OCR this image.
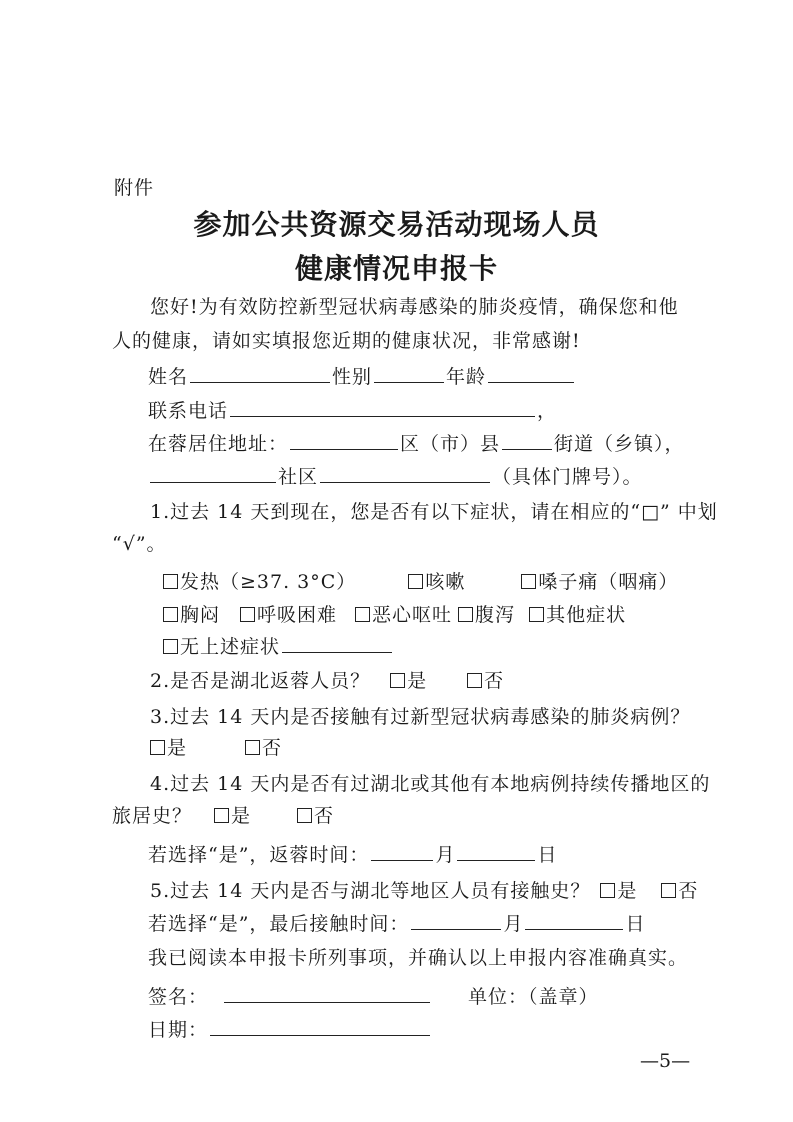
附件
参加公共资源交易活动现场人员
健康情况申报卡
您好!为有效防控新型冠状病毒感染的肺炎疫情，确保您和他
人的健康，请如实填报您近期的健康状况，非常感谢!
姓名	性别	年龄
联系电话	，
在蓉居住地址：	区（市）县	街道（乡镇），
社区	（具体门牌号）。
1.过去 14 天到现在，您是否有以下症状，请在相应的“□” 中划
“√”。
发热（≥37. 3°C）	咳嗽	嗓子痛（咽痛）
胸闷 呼吸困难 恶心呕吐 腹泻 其他症状
无上述症状
2.是否是湖北返蓉人员？ 是	否
3.过去 14 天内是否接触有过新型冠状病毒感染的肺炎病例？
是	否
4.过去 14 天内是否有过湖北或其他有本地病例持续传播地区的
旅居史？ 是	否
若选择“是”，返蓉时间：	月	日
5.过去 14 天内是否与湖北等地区人员有接触史？ 是 否
若选择“是”，最后接触时间：	月	日
我已阅读本申报卡所列事项，并确认以上申报内容准确真实。
签名：	单位：（盖章）
日期：
—5—
